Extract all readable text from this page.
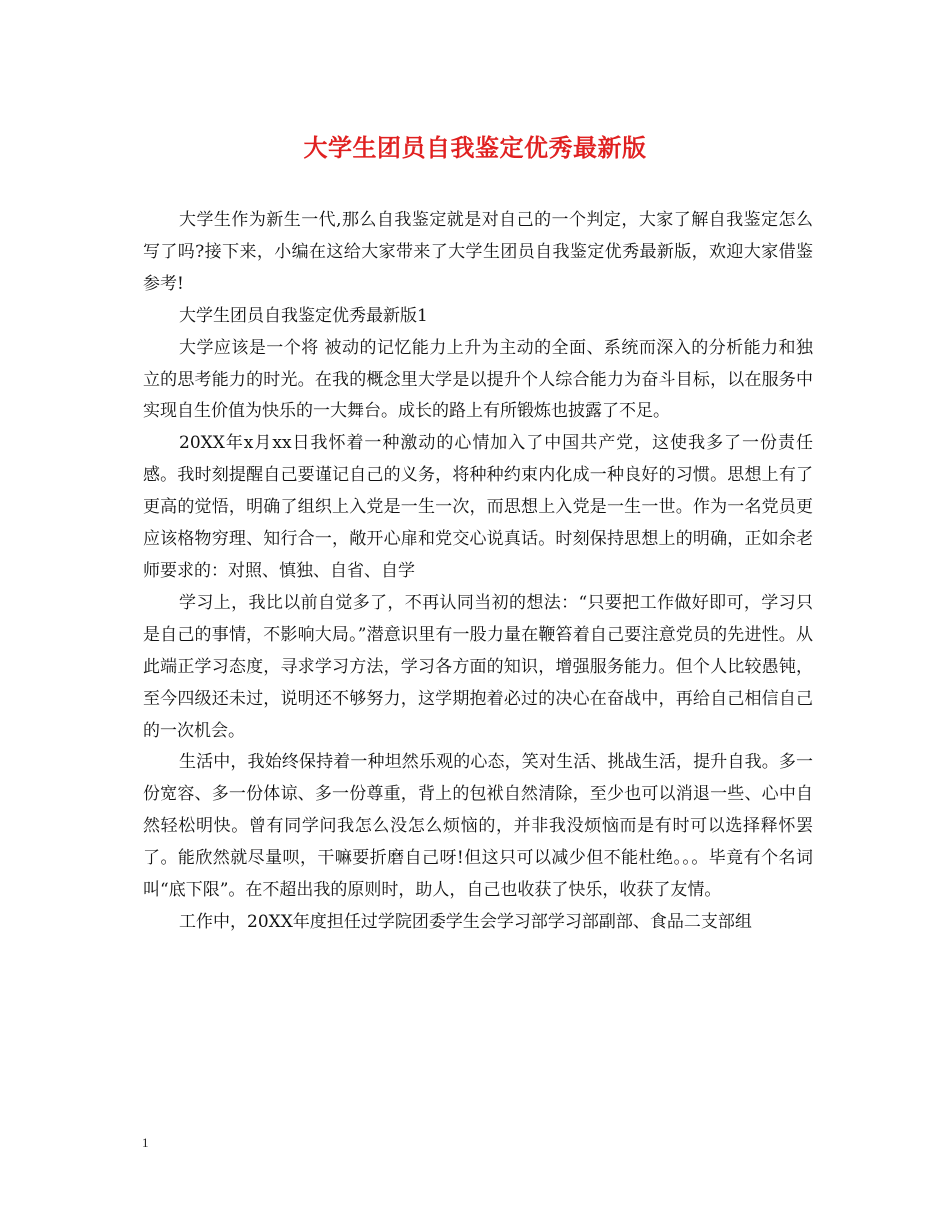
大学生团员自我鉴定优秀最新版

大学生作为新生一代,那么自我鉴定就是对自己的一个判定，大家了解自我鉴定怎么写了吗?接下来，小编在这给大家带来了大学生团员自我鉴定优秀最新版，欢迎大家借鉴参考!

大学生团员自我鉴定优秀最新版1

大学应该是一个将 被动的记忆能力上升为主动的全面、系统而深入的分析能力和独立的思考能力的时光。在我的概念里大学是以提升个人综合能力为奋斗目标，以在服务中实现自生价值为快乐的一大舞台。成长的路上有所锻炼也披露了不足。

20XX年x月xx日我怀着一种激动的心情加入了中国共产党，这使我多了一份责任感。我时刻提醒自己要谨记自己的义务，将种种约束内化成一种良好的习惯。思想上有了更高的觉悟，明确了组织上入党是一生一次，而思想上入党是一生一世。作为一名党员更应该格物穷理、知行合一，敞开心扉和党交心说真话。时刻保持思想上的明确，正如余老师要求的：对照、慎独、自省、自学

学习上，我比以前自觉多了，不再认同当初的想法：“只要把工作做好即可，学习只是自己的事情，不影响大局。”潜意识里有一股力量在鞭笞着自己要注意党员的先进性。从此端正学习态度，寻求学习方法，学习各方面的知识，增强服务能力。但个人比较愚钝，至今四级还未过，说明还不够努力，这学期抱着必过的决心在奋战中，再给自己相信自己的一次机会。

生活中，我始终保持着一种坦然乐观的心态，笑对生活、挑战生活，提升自我。多一份宽容、多一份体谅、多一份尊重，背上的包袱自然清除，至少也可以消退一些、心中自然轻松明快。曾有同学问我怎么没怎么烦恼的，并非我没烦恼而是有时可以选择释怀罢了。能欣然就尽量呗，干嘛要折磨自己呀!但这只可以减少但不能杜绝。。。毕竟有个名词叫“底下限”。在不超出我的原则时，助人，自己也收获了快乐，收获了友情。

工作中，20XX年度担任过学院团委学生会学习部学习部副部、食品二支部组

1
